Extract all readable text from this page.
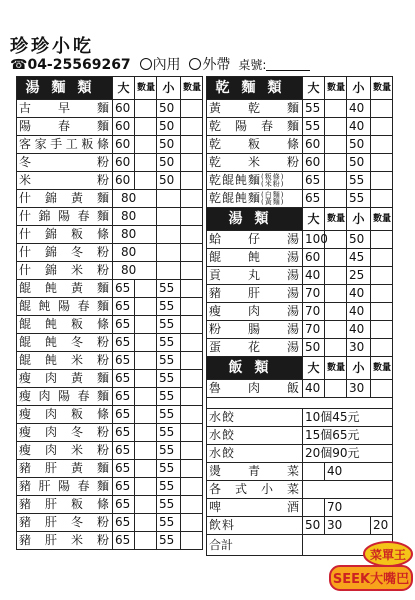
珍珍小吃
☎04-25569267 內用 外帶 桌號:
湯麵類	大	數量	小	數量
古早麵	60		50	
陽春麵	60		50	
客家手工粄條	60		50	
冬粉	60		50	
米粉	60		50	
什錦黃麵	80			
什錦陽春麵	80			
什錦粄條	80			
什錦冬粉	80			
什錦米粉	80			
餛飩黃麵	65		55	
餛飩陽春麵	65		55	
餛飩粄條	65		55	
餛飩冬粉	65		55	
餛飩米粉	65		55	
瘦肉黃麵	65		55	
瘦肉陽春麵	65		55	
瘦肉粄條	65		55	
瘦肉冬粉	65		55	
瘦肉米粉	65		55	
豬肝黃麵	65		55	
豬肝陽春麵	65		55	
豬肝粄條	65		55	
豬肝冬粉	65		55	
豬肝米粉	65		55	
乾麵類	大	數量	小	數量
黃乾麵	55		40	
乾陽春麵	55		40	
乾粄條	60		50	
乾米粉	60		50	
乾餛飩麵(粄條)
(米粉)	65		55	
乾餛飩麵(白麵)
(黃麵)	65		55	
湯類	大	數量	小	數量
蛤仔湯	100		50	
餛飩湯	60		45	
貢丸湯	40		25	
豬肝湯	70		40	
瘦肉湯	70		40	
粉腸湯	70		40	
蛋花湯	50		30	
飯類	大	數量	小	數量
魯肉飯	40		30	

水餃	10個45元			
水餃	15個65元			
水餃	20個90元			
燙青菜		40		
各式小菜				
啤酒		70		
飲料	50	30		20
合計				
菜單王
SEEK大嘴巴
